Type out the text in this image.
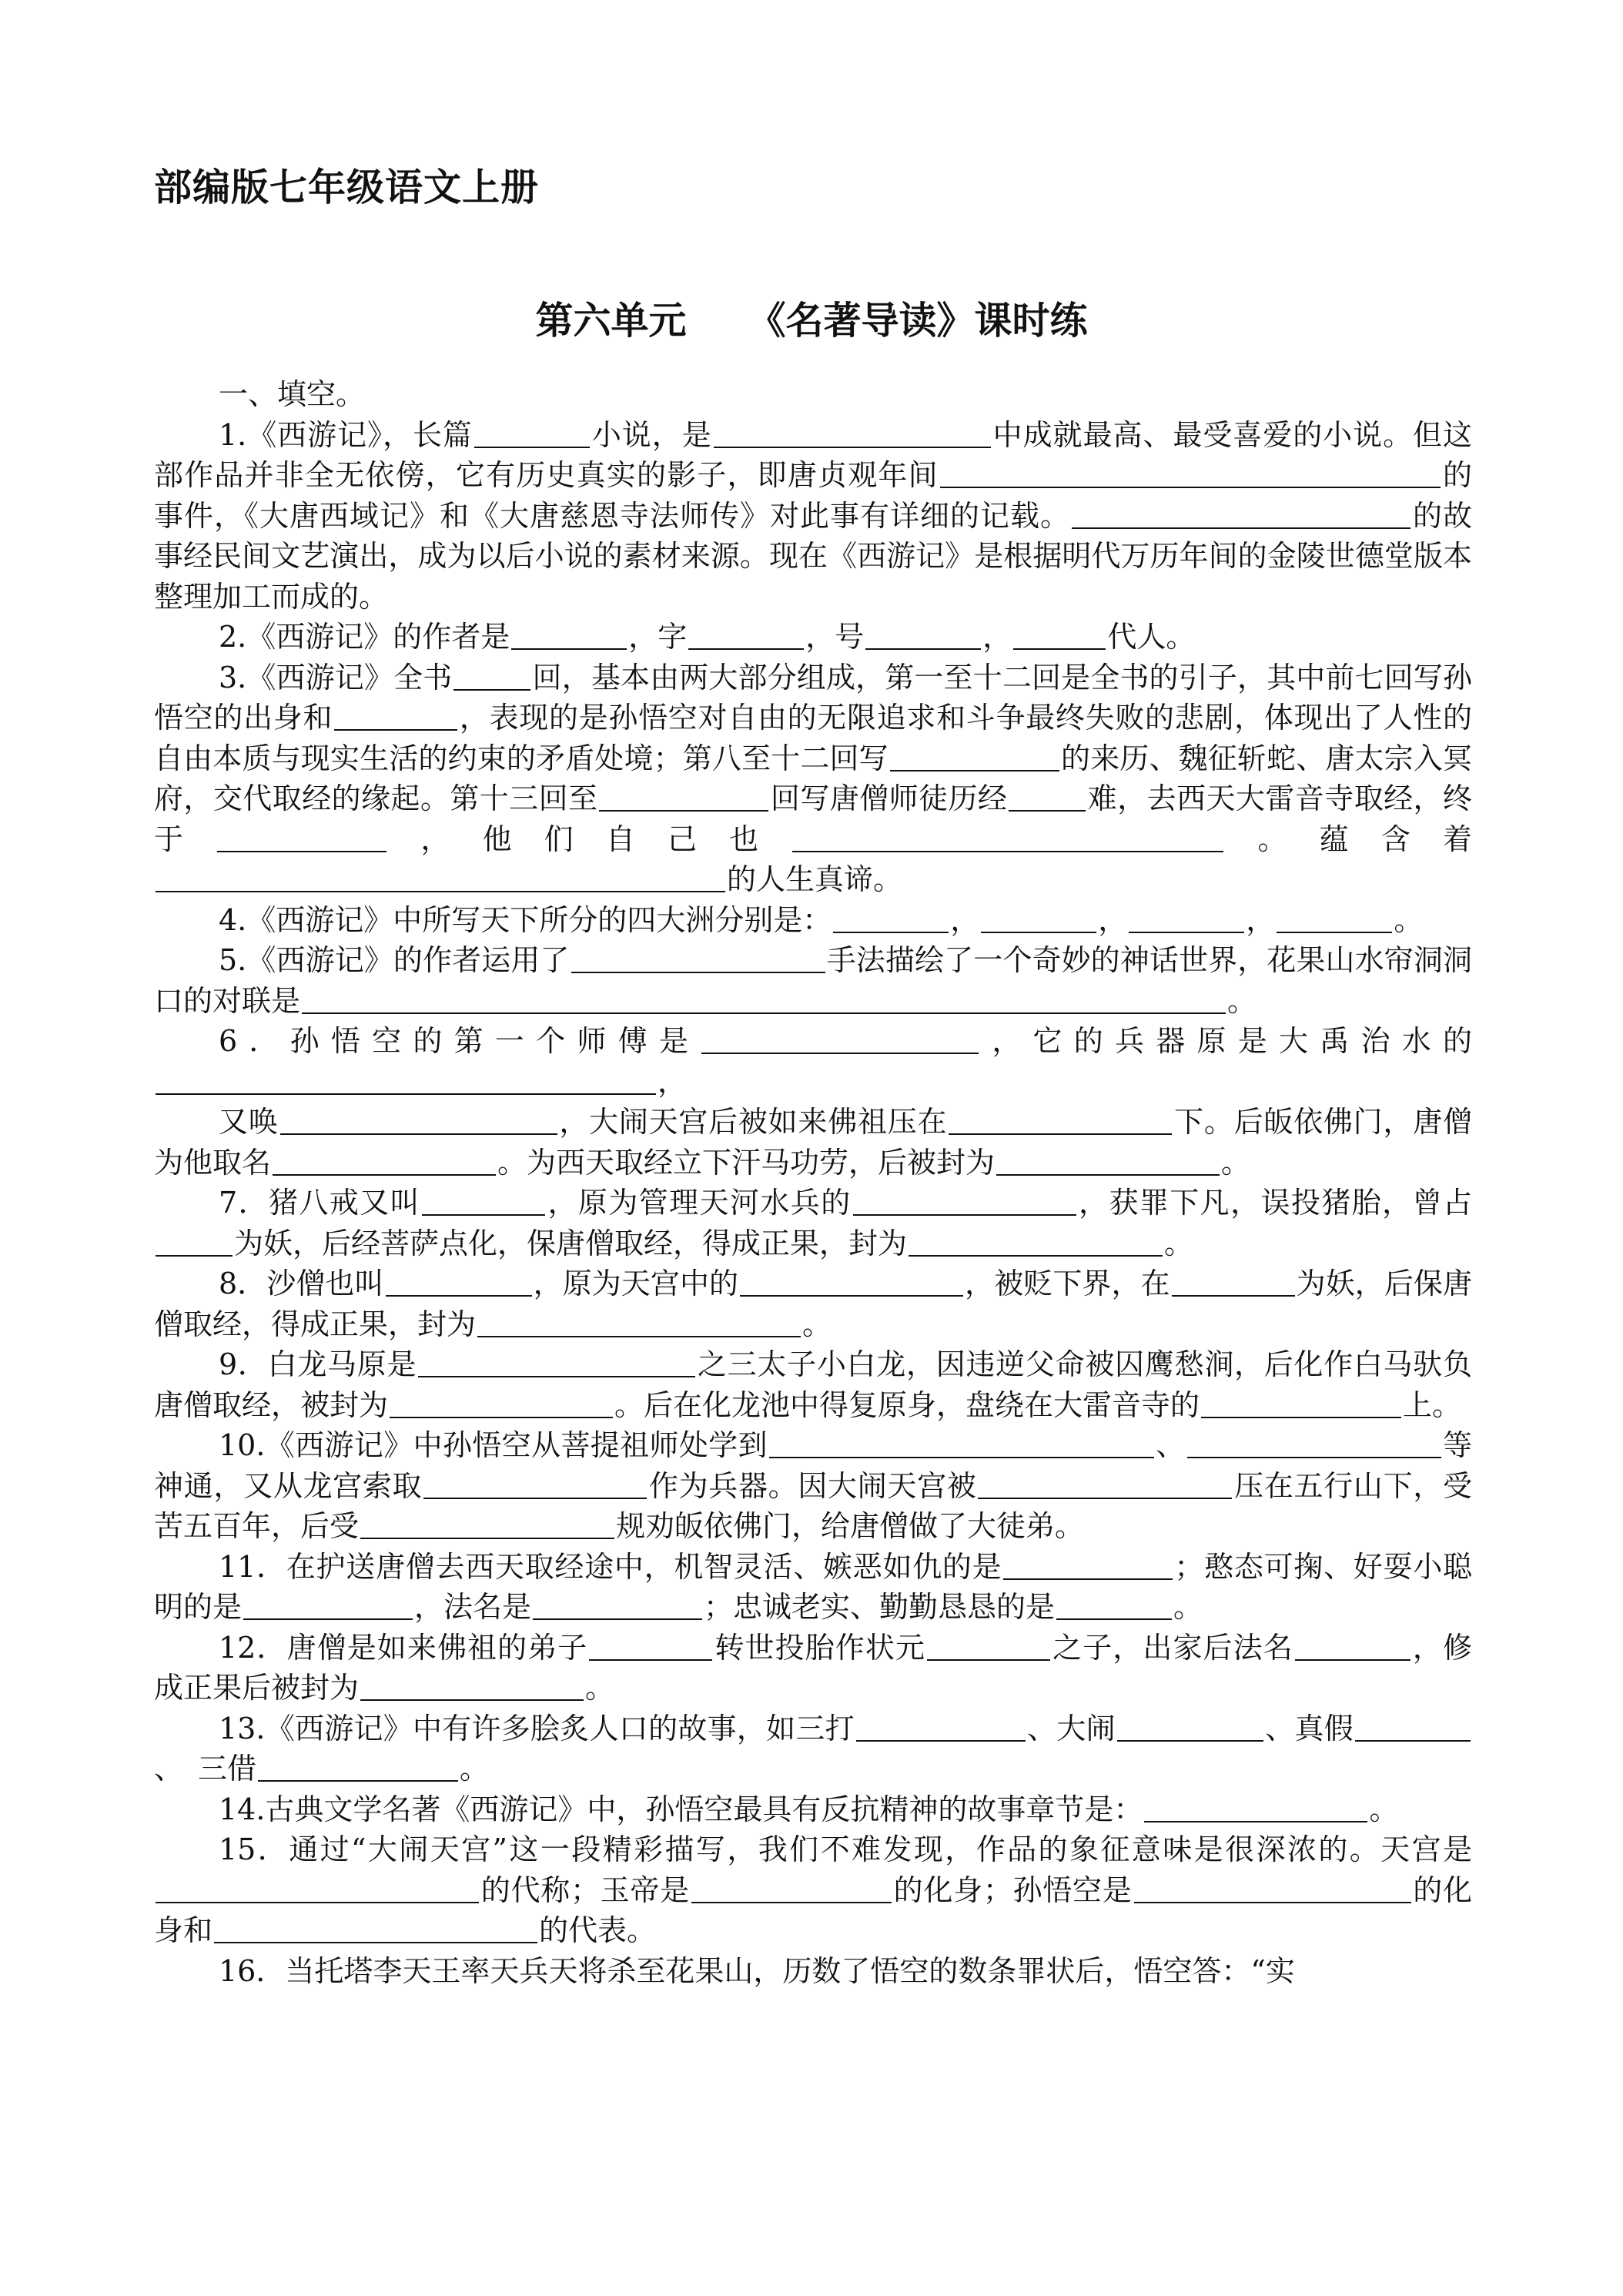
部编版七年级语文上册
第六单元 《名著导读》课时练

一、填空。

1.《西游记》，长篇	小说，是	中成就最高、最受喜爱的小说。但这部作品并非全无依傍，它有历史真实的影子，即唐贞观年间	的事件，《大唐西域记》和《大唐慈恩寺法师传》对此事有详细的记载。	的故事经民间文艺演出，成为以后小说的素材来源。现在《西游记》是根据明代万历年间的金陵世德堂版本整理加工而成的。

2.《西游记》的作者是	，字	，号	，	代人。

3.《西游记》全书	回，基本由两大部分组成，第一至十二回是全书的引子，其中前七回写孙悟空的出身和	，表现的是孙悟空对自由的无限追求和斗争最终失败的悲剧，体现出了人性的自由本质与现实生活的约束的矛盾处境；第八至十二回写	的来历、魏征斩蛇、唐太宗入冥府，交代取经的缘起。第十三回至	回写唐僧师徒历经	难，去西天大雷音寺取经，终于	，他们自己也	。蕴含着的人生真谛。

4.《西游记》中所写天下所分的四大洲分别是：	，	，	，	。

5.《西游记》的作者运用了	手法描绘了一个奇妙的神话世界，花果山水帘洞洞口的对联是	。

6．孙悟空的第一个师傅是	，它的兵器原是大禹治水的，

又唤	，大闹天宫后被如来佛祖压在	下。后皈依佛门，唐僧为他取名	。为西天取经立下汗马功劳，后被封为	。

7．猪八戒又叫	，原为管理天河水兵的	，获罪下凡，误投猪胎，曾占为妖，后经菩萨点化，保唐僧取经，得成正果，封为	。

8．沙僧也叫	，原为天宫中的	，被贬下界，在	为妖，后保唐僧取经，得成正果，封为	。

9．白龙马原是	之三太子小白龙，因违逆父命被囚鹰愁涧，后化作白马驮负唐僧取经，被封为	。后在化龙池中得复原身，盘绕在大雷音寺的	上。

10.《西游记》中孙悟空从菩提祖师处学到	、	等神通，又从龙宫索取	作为兵器。因大闹天宫被	压在五行山下，受苦五百年，后受	规劝皈依佛门，给唐僧做了大徒弟。

11．在护送唐僧去西天取经途中，机智灵活、嫉恶如仇的是	；憨态可掬、好耍小聪明的是	，法名是	；忠诚老实、勤勤恳恳的是	。

12．唐僧是如来佛祖的弟子	转世投胎作状元	之子，出家后法名	，修成正果后被封为	。

13.《西游记》中有许多脍炙人口的故事，如三打	、大闹	、真假、　三借	。

14.古典文学名著《西游记》中，孙悟空最具有反抗精神的故事章节是：	。

15．通过“大闹天宫”这一段精彩描写，我们不难发现，作品的象征意味是很深浓的。天宫是的代称；玉帝是	的化身；孙悟空是	的化身和	的代表。

16．当托塔李天王率天兵天将杀至花果山，历数了悟空的数条罪状后，悟空答：“实
